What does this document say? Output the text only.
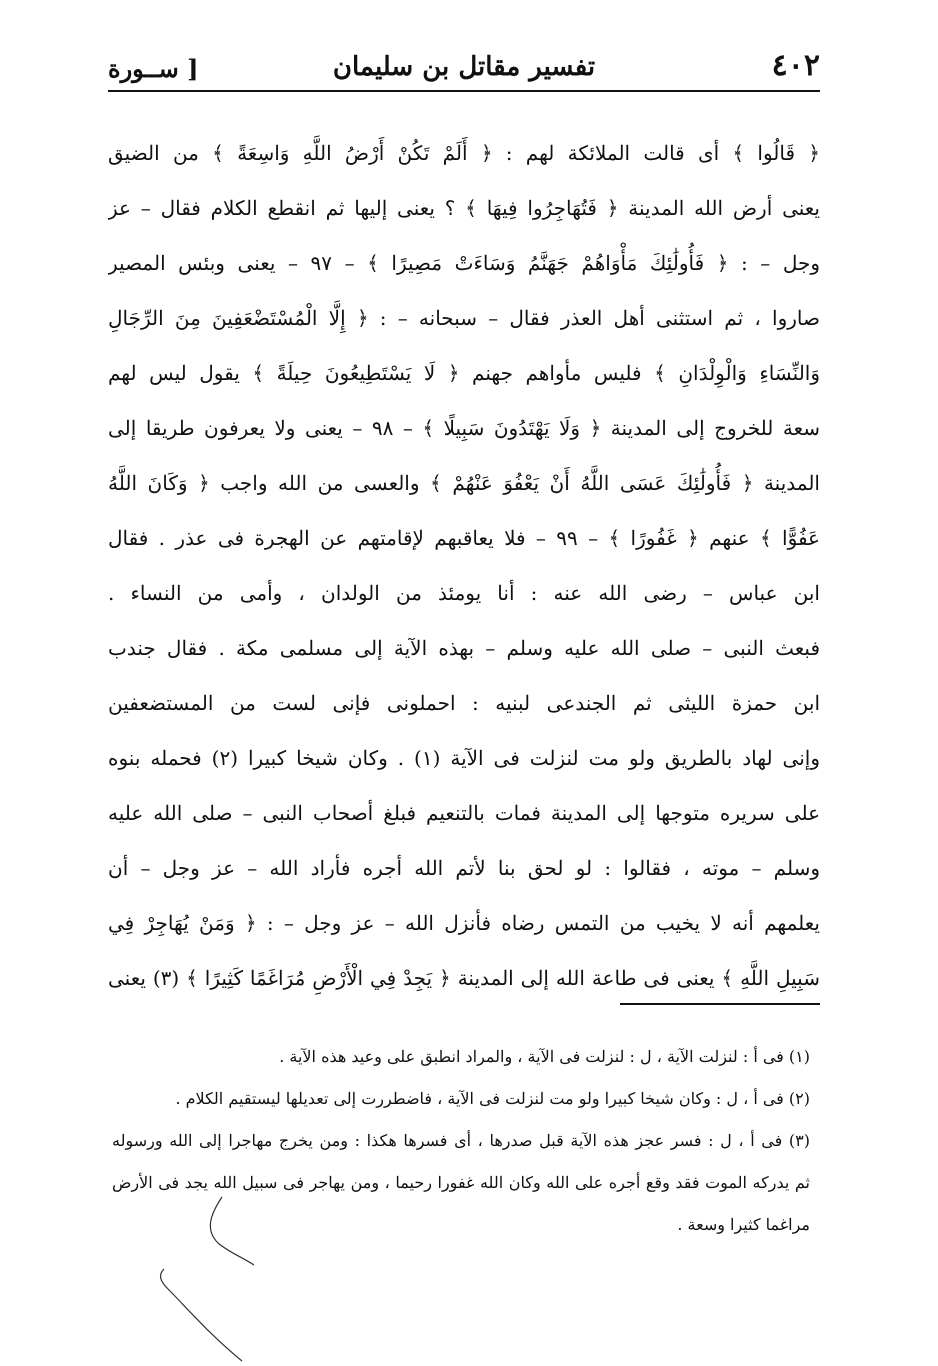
٤٠٢
تفسير مقاتل بن سليمان
[ ســورة
﴿ قَالُوا ﴾ أى قالت الملائكة لهم : ﴿ أَلَمْ تَكُنْ أَرْضُ اللَّهِ وَاسِعَةً ﴾ من الضيق
يعنى أرض الله المدينة ﴿ فَتُهَاجِرُوا فِيهَا ﴾ ؟ يعنى إليها ثم انقطع الكلام فقال – عز
وجل – : ﴿ فَأُولَٰئِكَ مَأْوَاهُمْ جَهَنَّمُ وَسَاءَتْ مَصِيرًا ﴾ – ٩٧ – يعنى وبئس المصير
صاروا ، ثم استثنى أهل العذر فقال – سبحانه – : ﴿ إِلَّا الْمُسْتَضْعَفِينَ مِنَ الرِّجَالِ
وَالنِّسَاءِ وَالْوِلْدَانِ ﴾ فليس مأواهم جهنم ﴿ لَا يَسْتَطِيعُونَ حِيلَةً ﴾ يقول ليس لهم
سعة للخروج إلى المدينة ﴿ وَلَا يَهْتَدُونَ سَبِيلًا ﴾ – ٩٨ – يعنى ولا يعرفون طريقا إلى
المدينة ﴿ فَأُولَٰئِكَ عَسَى اللَّهُ أَنْ يَعْفُوَ عَنْهُمْ ﴾ والعسى من الله واجب ﴿ وَكَانَ اللَّهُ
عَفُوًّا ﴾ عنهم ﴿ غَفُورًا ﴾ – ٩٩ – فلا يعاقبهم لإقامتهم عن الهجرة فى عذر . فقال
ابن عباس – رضى الله عنه : أنا يومئذ من الولدان ، وأمى من النساء .
فبعث النبى – صلى الله عليه وسلم – بهذه الآية إلى مسلمى مكة . فقال جندب
ابن حمزة الليثى ثم الجندعى لبنيه : احملونى فإنى لست من المستضعفين
وإنى لهاد بالطريق ولو مت لنزلت فى الآية (١) . وكان شيخا كبيرا (٢) فحمله بنوه
على سريره متوجها إلى المدينة فمات بالتنعيم فبلغ أصحاب النبى – صلى الله عليه
وسلم – موته ، فقالوا : لو لحق بنا لأتم الله أجره فأراد الله – عز وجل – أن
يعلمهم أنه لا يخيب من التمس رضاه فأنزل الله – عز وجل – : ﴿ وَمَنْ يُهَاجِرْ فِي
سَبِيلِ اللَّهِ ﴾ يعنى فى طاعة الله إلى المدينة ﴿ يَجِدْ فِي الْأَرْضِ مُرَاغَمًا كَثِيرًا ﴾ (٣) يعنى
(١) فى أ : لنزلت الآية ، ل : لنزلت فى الآية ، والمراد انطبق على وعيد هذه الآية .
(٢) فى أ ، ل : وكان شيخا كبيرا ولو مت لنزلت فى الآية ، فاضطررت إلى تعديلها ليستقيم الكلام .
(٣) فى أ ، ل : فسر عجز هذه الآية قبل صدرها ، أى فسرها هكذا : ومن يخرج مهاجرا إلى الله ورسوله
ثم يدركه الموت فقد وقع أجره على الله وكان الله غفورا رحيما ، ومن يهاجر فى سبيل الله يجد فى الأرض
مراغما كثيرا وسعة .
